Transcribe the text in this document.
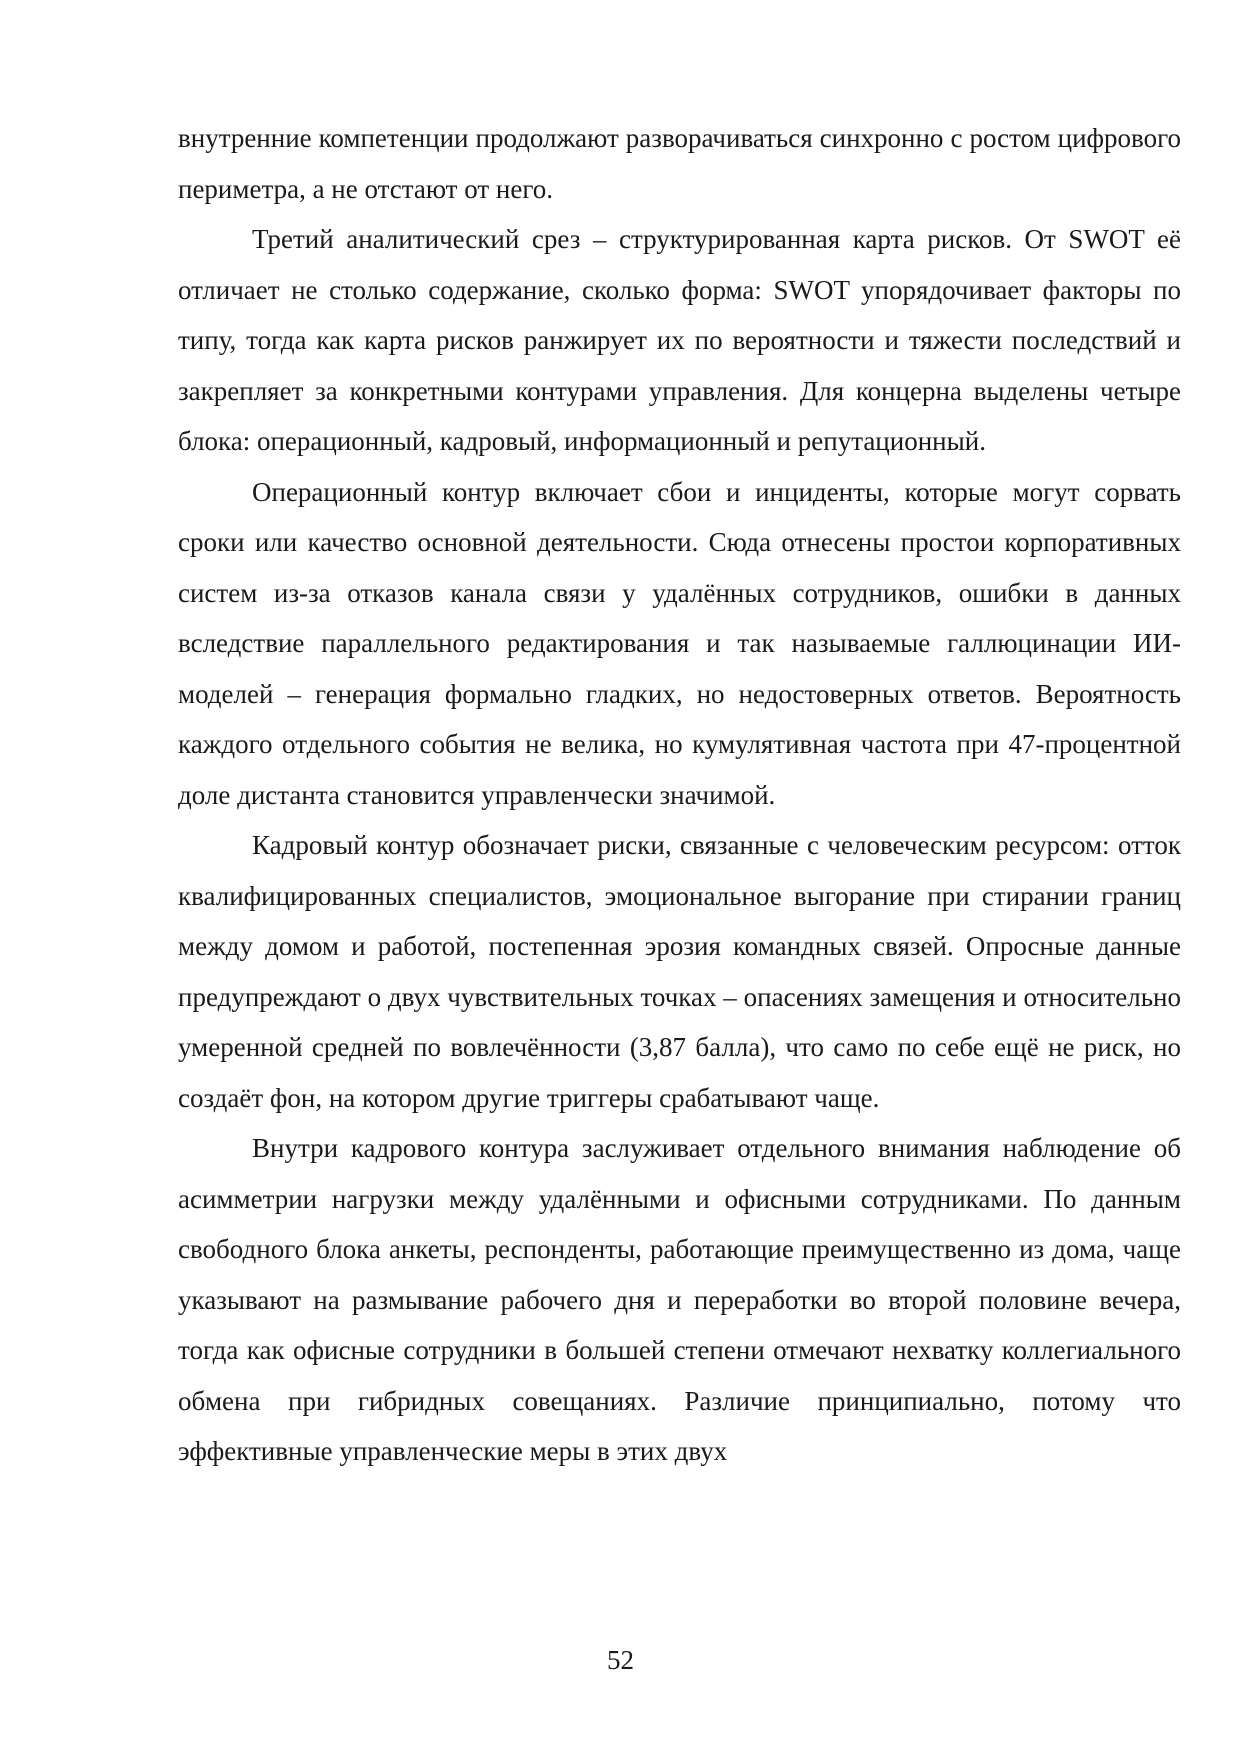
внутренние компетенции продолжают разворачиваться синхронно с ростом цифрового периметра, а не отстают от него.

Третий аналитический срез – структурированная карта рисков. От SWOT её отличает не столько содержание, сколько форма: SWOT упорядочивает факторы по типу, тогда как карта рисков ранжирует их по вероятности и тяжести последствий и закрепляет за конкретными контурами управления. Для концерна выделены четыре блока: операционный, кадровый, информационный и репутационный.

Операционный контур включает сбои и инциденты, которые могут сорвать сроки или качество основной деятельности. Сюда отнесены простои корпоративных систем из-за отказов канала связи у удалённых сотрудников, ошибки в данных вследствие параллельного редактирования и так называемые галлюцинации ИИ-моделей – генерация формально гладких, но недостоверных ответов. Вероятность каждого отдельного события не велика, но кумулятивная частота при 47-процентной доле дистанта становится управленчески значимой.

Кадровый контур обозначает риски, связанные с человеческим ресурсом: отток квалифицированных специалистов, эмоциональное выгорание при стирании границ между домом и работой, постепенная эрозия командных связей. Опросные данные предупреждают о двух чувствительных точках – опасениях замещения и относительно умеренной средней по вовлечённости (3,87 балла), что само по себе ещё не риск, но создаёт фон, на котором другие триггеры срабатывают чаще.

Внутри кадрового контура заслуживает отдельного внимания наблюдение об асимметрии нагрузки между удалёнными и офисными сотрудниками. По данным свободного блока анкеты, респонденты, работающие преимущественно из дома, чаще указывают на размывание рабочего дня и переработки во второй половине вечера, тогда как офисные сотрудники в большей степени отмечают нехватку коллегиального обмена при гибридных совещаниях. Различие принципиально, потому что эффективные управленческие меры в этих двух

52
